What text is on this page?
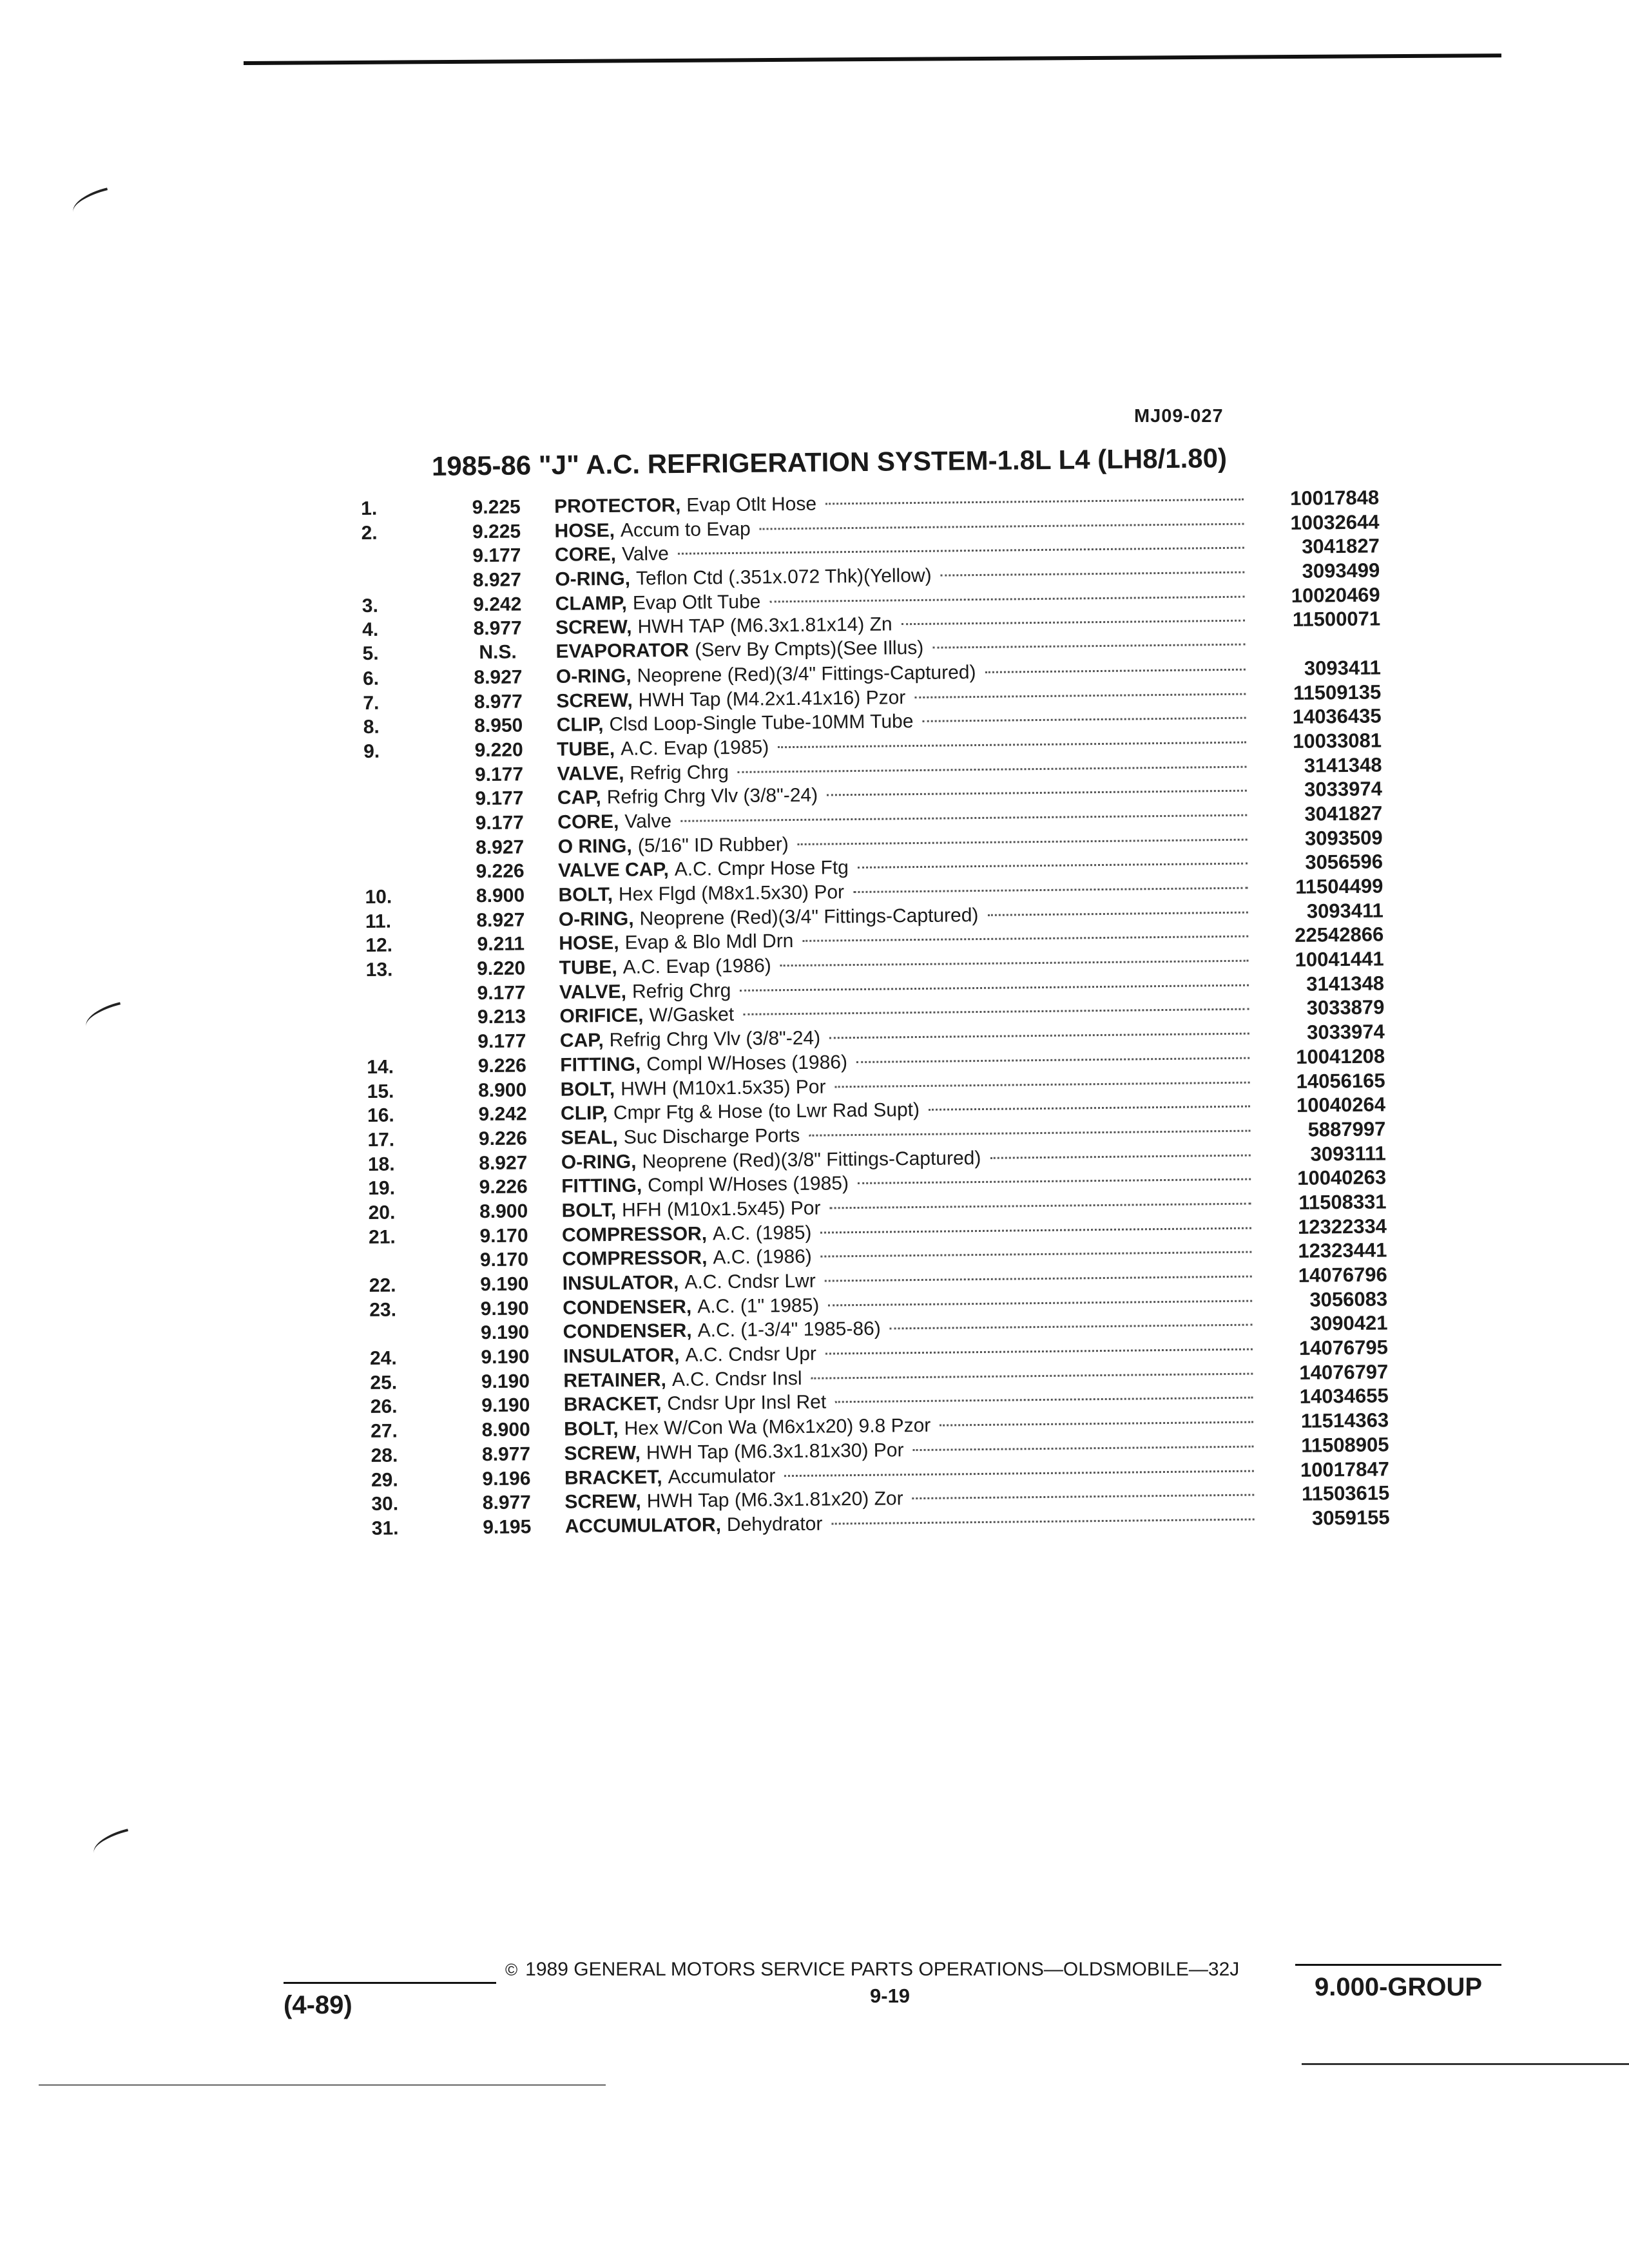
MJ09-027
1985-86 "J" A.C. REFRIGERATION SYSTEM-1.8L L4 (LH8/1.80)
1.	9.225	PROTECTOR, Evap Otlt Hose	10017848
2.	9.225	HOSE, Accum to Evap	10032644
9.177	CORE, Valve	3041827
8.927	O-RING, Teflon Ctd (.351x.072 Thk)(Yellow)	3093499
3.	9.242	CLAMP, Evap Otlt Tube	10020469
4.	8.977	SCREW, HWH TAP (M6.3x1.81x14) Zn	11500071
5.	N.S.	EVAPORATOR (Serv By Cmpts)(See Illus)
6.	8.927	O-RING, Neoprene (Red)(3/4" Fittings-Captured)	3093411
7.	8.977	SCREW, HWH Tap (M4.2x1.41x16) Pzor	11509135
8.	8.950	CLIP, Clsd Loop-Single Tube-10MM Tube	14036435
9.	9.220	TUBE, A.C. Evap (1985)	10033081
9.177	VALVE, Refrig Chrg	3141348
9.177	CAP, Refrig Chrg Vlv (3/8"-24)	3033974
9.177	CORE, Valve	3041827
8.927	O RING, (5/16" ID Rubber)	3093509
9.226	VALVE CAP, A.C. Cmpr Hose Ftg	3056596
10.	8.900	BOLT, Hex Flgd (M8x1.5x30) Por	11504499
11.	8.927	O-RING, Neoprene (Red)(3/4" Fittings-Captured)	3093411
12.	9.211	HOSE, Evap & Blo Mdl Drn	22542866
13.	9.220	TUBE, A.C. Evap (1986)	10041441
9.177	VALVE, Refrig Chrg	3141348
9.213	ORIFICE, W/Gasket	3033879
9.177	CAP, Refrig Chrg Vlv (3/8"-24)	3033974
14.	9.226	FITTING, Compl W/Hoses (1986)	10041208
15.	8.900	BOLT, HWH (M10x1.5x35) Por	14056165
16.	9.242	CLIP, Cmpr Ftg & Hose (to Lwr Rad Supt)	10040264
17.	9.226	SEAL, Suc Discharge Ports	5887997
18.	8.927	O-RING, Neoprene (Red)(3/8" Fittings-Captured)	3093111
19.	9.226	FITTING, Compl W/Hoses (1985)	10040263
20.	8.900	BOLT, HFH (M10x1.5x45) Por	11508331
21.	9.170	COMPRESSOR, A.C. (1985)	12322334
9.170	COMPRESSOR, A.C. (1986)	12323441
22.	9.190	INSULATOR, A.C. Cndsr Lwr	14076796
23.	9.190	CONDENSER, A.C. (1" 1985)	3056083
9.190	CONDENSER, A.C. (1-3/4" 1985-86)	3090421
24.	9.190	INSULATOR, A.C. Cndsr Upr	14076795
25.	9.190	RETAINER, A.C. Cndsr Insl	14076797
26.	9.190	BRACKET, Cndsr Upr Insl Ret	14034655
27.	8.900	BOLT, Hex W/Con Wa (M6x1x20) 9.8 Pzor	11514363
28.	8.977	SCREW, HWH Tap (M6.3x1.81x30) Por	11508905
29.	9.196	BRACKET, Accumulator	10017847
30.	8.977	SCREW, HWH Tap (M6.3x1.81x20) Zor	11503615
31.	9.195	ACCUMULATOR, Dehydrator	3059155
© 1989 GENERAL MOTORS SERVICE PARTS OPERATIONS—OLDSMOBILE—32J
9-19
(4-89)
9.000-GROUP
